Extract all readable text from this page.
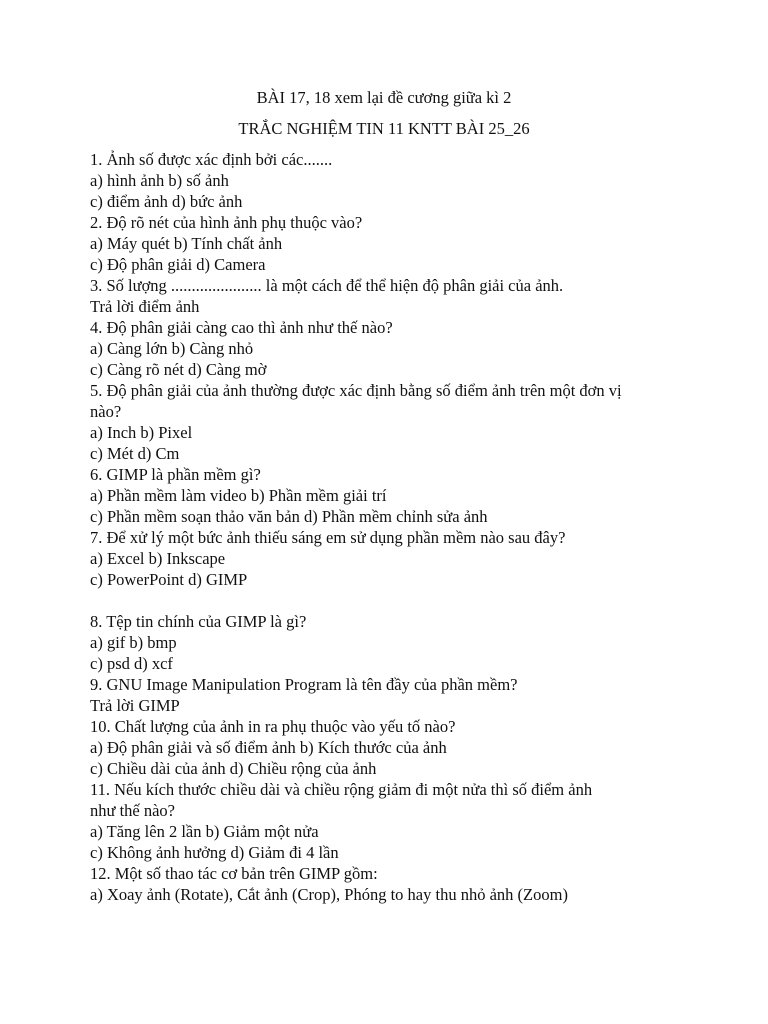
BÀI 17, 18 xem lại đề cương giữa kì 2
TRẮC NGHIỆM TIN 11 KNTT BÀI 25_26
1. Ảnh số được xác định bởi các.......
a) hình ảnh b) số ảnh
c) điểm ảnh d) bức ảnh
2. Độ rõ nét của hình ảnh phụ thuộc vào?
a) Máy quét b) Tính chất ảnh
c) Độ phân giải d) Camera
3. Số lượng ...................... là một cách để thể hiện độ phân giải của ảnh.
Trả lời điểm ảnh
4. Độ phân giải càng cao thì ảnh như thế nào?
a) Càng lớn b) Càng nhỏ
c) Càng rõ nét d) Càng mờ
5. Độ phân giải của ảnh thường được xác định bằng số điểm ảnh trên một đơn vị
nào?
a) Inch b) Pixel
c) Mét d) Cm
6. GIMP là phần mềm gì?
a) Phần mềm làm video b) Phần mềm giải trí
c) Phần mềm soạn thảo văn bản d) Phần mềm chỉnh sửa ảnh
7. Để xử lý một bức ảnh thiếu sáng em sử dụng phần mềm nào sau đây?
a) Excel b) Inkscape
c) PowerPoint d) GIMP
8. Tệp tin chính của GIMP là gì?
a) gif b) bmp
c) psd d) xcf
9. GNU Image Manipulation Program là tên đầy của phần mềm?
Trả lời GIMP
10. Chất lượng của ảnh in ra phụ thuộc vào yếu tố nào?
a) Độ phân giải và số điểm ảnh b) Kích thước của ảnh
c) Chiều dài của ảnh d) Chiều rộng của ảnh
11. Nếu kích thước chiều dài và chiều rộng giảm đi một nửa thì số điểm ảnh
như thế nào?
a) Tăng lên 2 lần b) Giảm một nửa
c) Không ảnh hưởng d) Giảm đi 4 lần
12. Một số thao tác cơ bản trên GIMP gồm:
a) Xoay ảnh (Rotate), Cắt ảnh (Crop), Phóng to hay thu nhỏ ảnh (Zoom)
